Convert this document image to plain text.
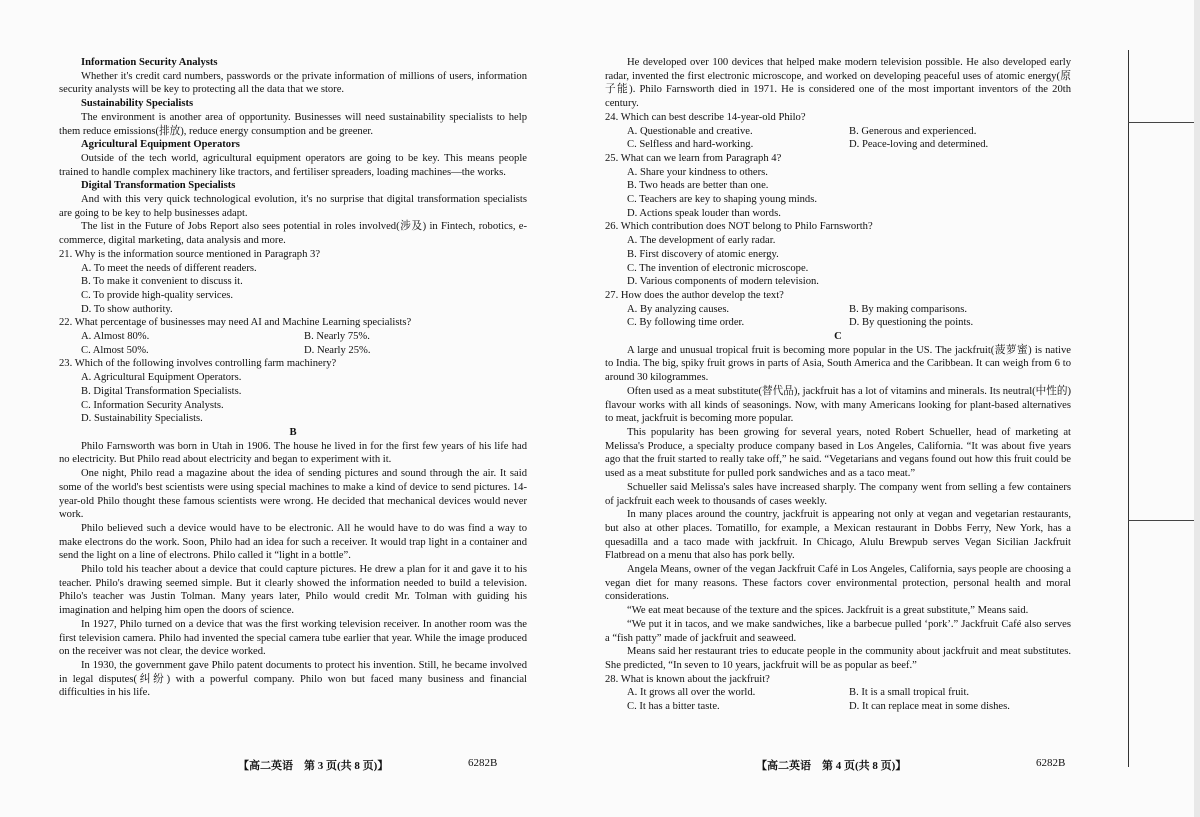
Information Security Analysts
Whether it's credit card numbers, passwords or the private information of millions of users, information security analysts will be key to protecting all the data that we store.
Sustainability Specialists
The environment is another area of opportunity. Businesses will need sustainability specialists to help them reduce emissions(排放), reduce energy consumption and be greener.
Agricultural Equipment Operators
Outside of the tech world, agricultural equipment operators are going to be key. This means people trained to handle complex machinery like tractors, and fertiliser spreaders, loading machines—the works.
Digital Transformation Specialists
And with this very quick technological evolution, it's no surprise that digital transformation specialists are going to be key to help businesses adapt.
The list in the Future of Jobs Report also sees potential in roles involved(涉及) in Fintech, robotics, e-commerce, digital marketing, data analysis and more.
21. Why is the information source mentioned in Paragraph 3?
A. To meet the needs of different readers.
B. To make it convenient to discuss it.
C. To provide high-quality services.
D. To show authority.
22. What percentage of businesses may need AI and Machine Learning specialists?
A. Almost 80%.	B. Nearly 75%.
C. Almost 50%.	D. Nearly 25%.
23. Which of the following involves controlling farm machinery?
A. Agricultural Equipment Operators.
B. Digital Transformation Specialists.
C. Information Security Analysts.
D. Sustainability Specialists.
B
Philo Farnsworth was born in Utah in 1906. The house he lived in for the first few years of his life had no electricity. But Philo read about electricity and began to experiment with it.
One night, Philo read a magazine about the idea of sending pictures and sound through the air. It said some of the world's best scientists were using special machines to make a kind of device to send pictures. 14-year-old Philo thought these famous scientists were wrong. He decided that mechanical devices would never work.
Philo believed such a device would have to be electronic. All he would have to do was find a way to make electrons do the work. Soon, Philo had an idea for such a receiver. It would trap light in a container and send the light on a line of electrons. Philo called it “light in a bottle”.
Philo told his teacher about a device that could capture pictures. He drew a plan for it and gave it to his teacher. Philo's drawing seemed simple. But it clearly showed the information needed to build a television. Philo's teacher was Justin Tolman. Many years later, Philo would credit Mr. Tolman with guiding his imagination and helping him open the doors of science.
In 1927, Philo turned on a device that was the first working television receiver. In another room was the first television camera. Philo had invented the special camera tube earlier that year. While the image produced on the receiver was not clear, the device worked.
In 1930, the government gave Philo patent documents to protect his invention. Still, he became involved in legal disputes(纠纷) with a powerful company. Philo won but faced many business and financial difficulties in his life.
He developed over 100 devices that helped make modern television possible. He also developed early radar, invented the first electronic microscope, and worked on developing peaceful uses of atomic energy(原子能). Philo Farnsworth died in 1971. He is considered one of the most important inventors of the 20th century.
24. Which can best describe 14-year-old Philo?
A. Questionable and creative.	B. Generous and experienced.
C. Selfless and hard-working.	D. Peace-loving and determined.
25. What can we learn from Paragraph 4?
A. Share your kindness to others.
B. Two heads are better than one.
C. Teachers are key to shaping young minds.
D. Actions speak louder than words.
26. Which contribution does NOT belong to Philo Farnsworth?
A. The development of early radar.
B. First discovery of atomic energy.
C. The invention of electronic microscope.
D. Various components of modern television.
27. How does the author develop the text?
A. By analyzing causes.	B. By making comparisons.
C. By following time order.	D. By questioning the points.
C
A large and unusual tropical fruit is becoming more popular in the US. The jackfruit(菠萝蜜) is native to India. The big, spiky fruit grows in parts of Asia, South America and the Caribbean. It can weigh from 6 to around 30 kilogrammes.
Often used as a meat substitute(替代品), jackfruit has a lot of vitamins and minerals. Its neutral(中性的) flavour works with all kinds of seasonings. Now, with many Americans looking for plant-based alternatives to meat, jackfruit is becoming more popular.
This popularity has been growing for several years, noted Robert Schueller, head of marketing at Melissa's Produce, a specialty produce company based in Los Angeles, California. “It was about five years ago that the fruit started to really take off,” he said. “Vegetarians and vegans found out how this fruit could be used as a meat substitute for pulled pork sandwiches and as a taco meat.”
Schueller said Melissa's sales have increased sharply. The company went from selling a few containers of jackfruit each week to thousands of cases weekly.
In many places around the country, jackfruit is appearing not only at vegan and vegetarian restaurants, but also at other places. Tomatillo, for example, a Mexican restaurant in Dobbs Ferry, New York, has a quesadilla and a taco made with jackfruit. In Chicago, Alulu Brewpub serves Vegan Sicilian Jackfruit Flatbread on a menu that also has pork belly.
Angela Means, owner of the vegan Jackfruit Café in Los Angeles, California, says people are choosing a vegan diet for many reasons. These factors cover environmental protection, personal health and moral considerations.
“We eat meat because of the texture and the spices. Jackfruit is a great substitute,” Means said.
“We put it in tacos, and we make sandwiches, like a barbecue pulled ‘pork’.” Jackfruit Café also serves a “fish patty” made of jackfruit and seaweed.
Means said her restaurant tries to educate people in the community about jackfruit and meat substitutes. She predicted, “In seven to 10 years, jackfruit will be as popular as beef.”
28. What is known about the jackfruit?
A. It grows all over the world.	B. It is a small tropical fruit.
C. It has a bitter taste.	D. It can replace meat in some dishes.
【高二英语　第 3 页(共 8 页)】	6282B	【高二英语　第 4 页(共 8 页)】	6282B
